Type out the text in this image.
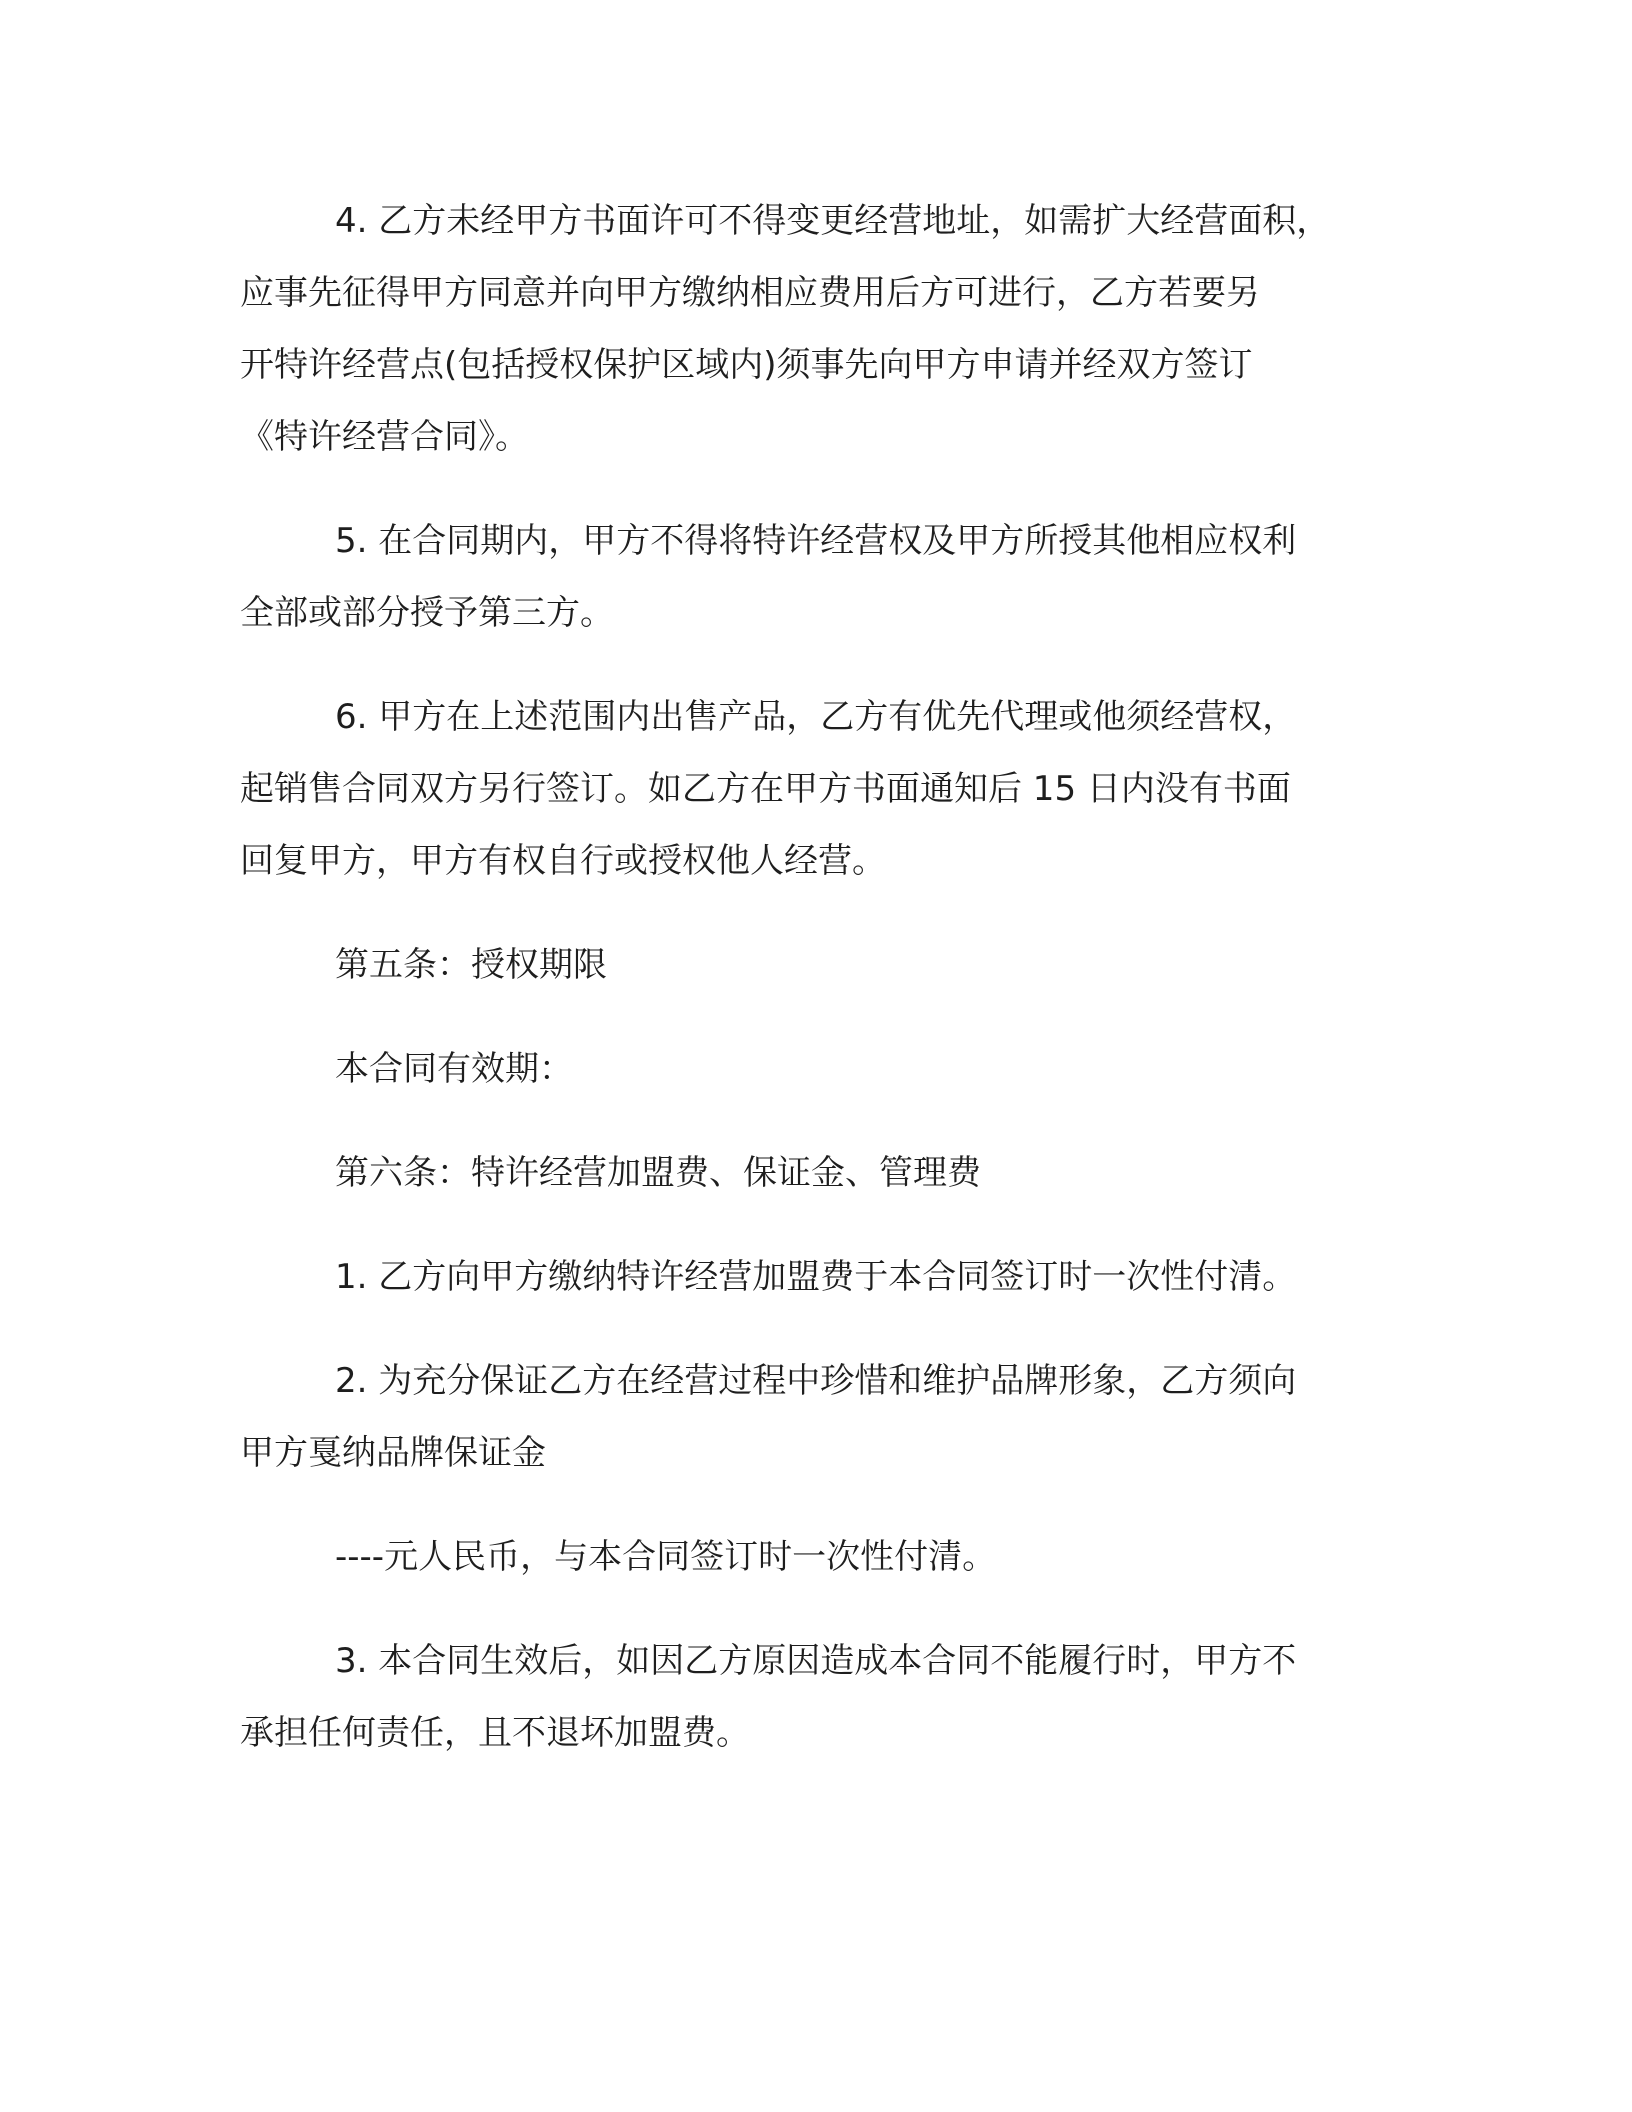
4. 乙方未经甲方书面许可不得变更经营地址，如需扩大经营面积，
应事先征得甲方同意并向甲方缴纳相应费用后方可进行，乙方若要另
开特许经营点(包括授权保护区域内)须事先向甲方申请并经双方签订
《特许经营合同》。

5. 在合同期内，甲方不得将特许经营权及甲方所授其他相应权利
全部或部分授予第三方。

6. 甲方在上述范围内出售产品，乙方有优先代理或他须经营权，
起销售合同双方另行签订。如乙方在甲方书面通知后 15 日内没有书面
回复甲方，甲方有权自行或授权他人经营。

第五条：授权期限

本合同有效期：

第六条：特许经营加盟费、保证金、管理费

1. 乙方向甲方缴纳特许经营加盟费于本合同签订时一次性付清。

2. 为充分保证乙方在经营过程中珍惜和维护品牌形象，乙方须向
甲方戛纳品牌保证金

----元人民币，与本合同签订时一次性付清。

3. 本合同生效后，如因乙方原因造成本合同不能履行时，甲方不
承担任何责任，且不退坏加盟费。
